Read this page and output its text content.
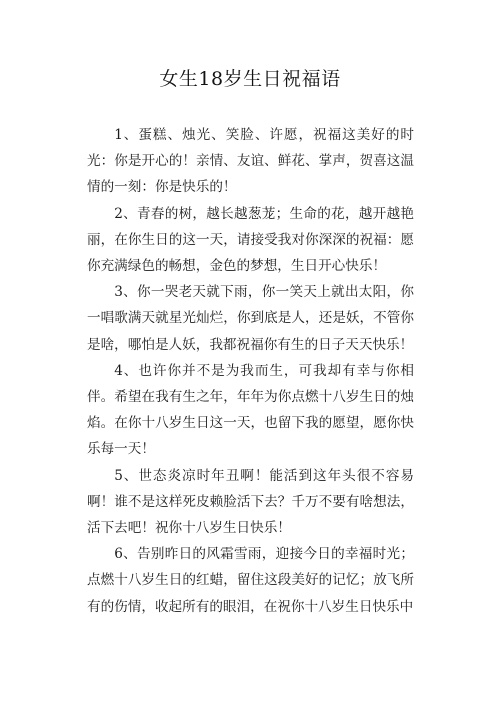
女生18岁生日祝福语

1、蛋糕、烛光、笑脸、许愿，祝福这美好的时光：你是开心的！亲情、友谊、鲜花、掌声，贺喜这温情的一刻：你是快乐的！

2、青春的树，越长越葱茏；生命的花，越开越艳丽，在你生日的这一天，请接受我对你深深的祝福：愿你充满绿色的畅想，金色的梦想，生日开心快乐！

3、你一哭老天就下雨，你一笑天上就出太阳，你一唱歌满天就星光灿烂，你到底是人，还是妖，不管你是啥，哪怕是人妖，我都祝福你有生的日子天天快乐！

4、也许你并不是为我而生，可我却有幸与你相伴。希望在我有生之年，年年为你点燃十八岁生日的烛焰。在你十八岁生日这一天，也留下我的愿望，愿你快乐每一天！

5、世态炎凉时年丑啊！能活到这年头很不容易啊！谁不是这样死皮赖脸活下去？千万不要有啥想法，活下去吧！祝你十八岁生日快乐！

6、告别昨日的风霜雪雨，迎接今日的幸福时光；点燃十八岁生日的红蜡，留住这段美好的记忆；放飞所有的伤情，收起所有的眼泪，在祝你十八岁生日快乐中
